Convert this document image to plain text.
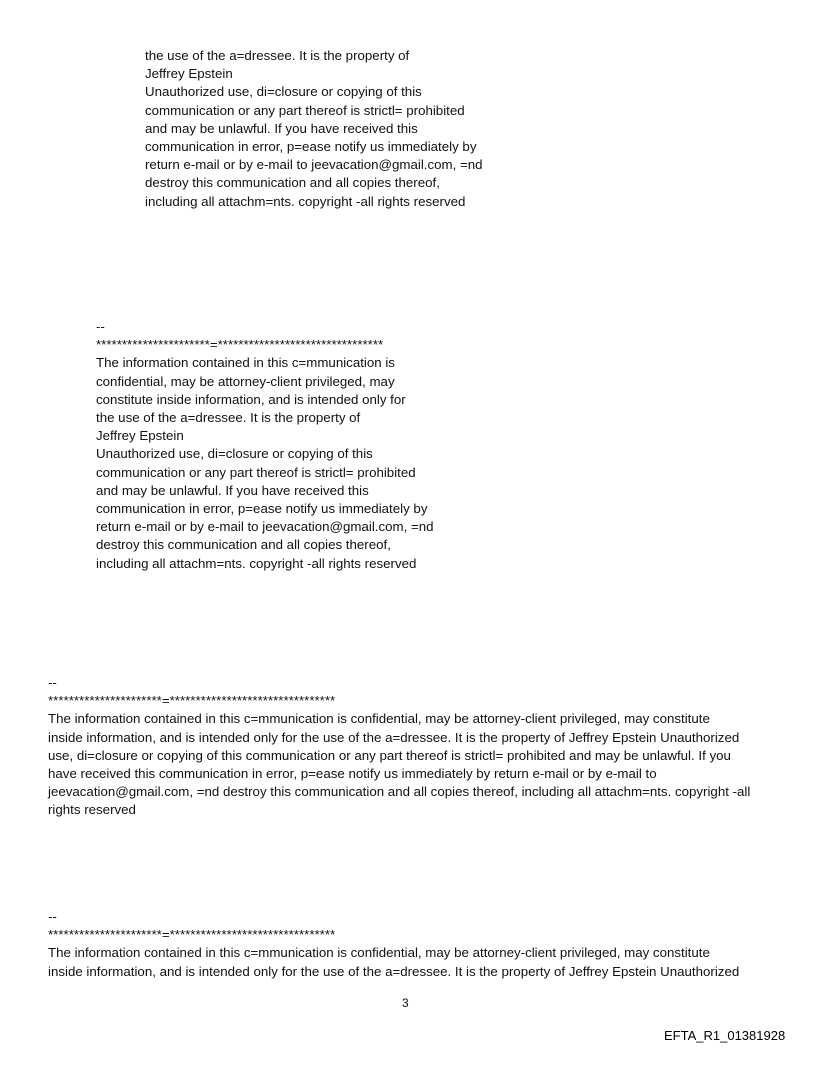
the use of the a=dressee. It is the property of
Jeffrey Epstein
Unauthorized use, di=closure or copying of this
communication or any part thereof is strictl= prohibited
and may be unlawful. If you have received this
communication in error, p=ease notify us immediately by
return e-mail or by e-mail to jeevacation@gmail.com, =nd
destroy this communication and all copies thereof,
including all attachm=nts. copyright -all rights reserved
--
**********************=********************************
The information contained in this c=mmunication is
confidential, may be attorney-client privileged, may
constitute inside information, and is intended only for
the use of the a=dressee. It is the property of
Jeffrey Epstein
Unauthorized use, di=closure or copying of this
communication or any part thereof is strictl= prohibited
and may be unlawful. If you have received this
communication in error, p=ease notify us immediately by
return e-mail or by e-mail to jeevacation@gmail.com, =nd
destroy this communication and all copies thereof,
including all attachm=nts. copyright -all rights reserved
--
**********************=********************************
The information contained in this c=mmunication is confidential, may be attorney-client privileged, may constitute
inside information, and is intended only for the use of the a=dressee. It is the property of Jeffrey Epstein Unauthorized
use, di=closure or copying of this communication or any part thereof is strictl= prohibited and may be unlawful. If you
have received this communication in error, p=ease notify us immediately by return e-mail or by e-mail to
jeevacation@gmail.com, =nd destroy this communication and all copies thereof, including all attachm=nts. copyright -all
rights reserved
--
**********************=********************************
The information contained in this c=mmunication is confidential, may be attorney-client privileged, may constitute
inside information, and is intended only for the use of the a=dressee. It is the property of Jeffrey Epstein Unauthorized
3
EFTA_R1_01381928
